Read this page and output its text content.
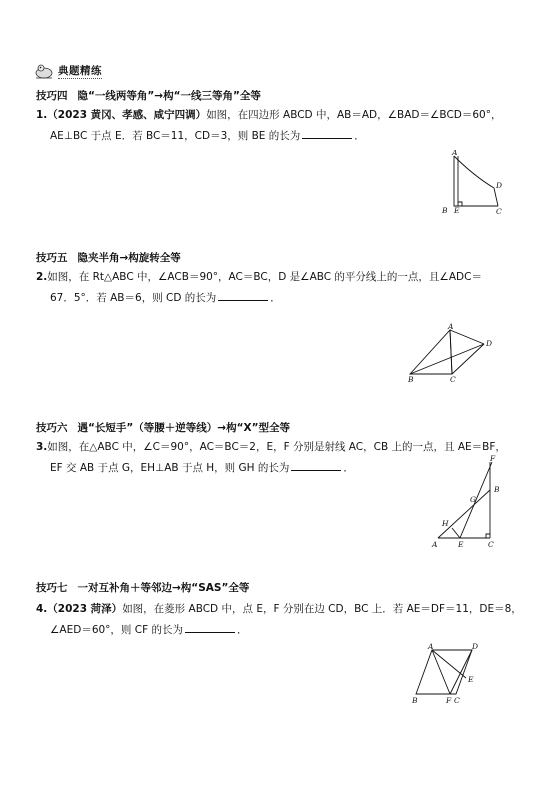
典题精练
技巧四 隐“一线两等角”→构“一线三等角”全等
1.（2023 黄冈、孝感、咸宁四调）如图，在四边形 ABCD 中，AB＝AD，∠BAD＝∠BCD＝60°，
AE⊥BC 于点 E．若 BC＝11，CD＝3，则 BE 的长为	．
A
D
B E	C
技巧五 隐夹半角→构旋转全等
2.如图，在 Rt△ABC 中，∠ACB＝90°，AC＝BC，D 是∠ABC 的平分线上的一点，且∠ADC＝
67．5°．若 AB＝6，则 CD 的长为	．
A
D
B	C
技巧六 遇“长短手”（等腰＋逆等线）→构“X”型全等
3.如图，在△ABC 中，∠C＝90°，AC＝BC＝2，E，F 分别是射线 AC，CB 上的一点，且 AE＝BF，
EF 交 AB 于点 G，EH⊥AB 于点 H，则 GH 的长为	．
F
B
G
H
A	E	C
技巧七 一对互补角＋等邻边→构“SAS”全等
4.（2023 菏泽）如图，在菱形 ABCD 中，点 E，F 分别在边 CD，BC 上．若 AE＝DF＝11，DE＝8，
∠AED＝60°，则 CF 的长为	．
A	D
E
B	F C
